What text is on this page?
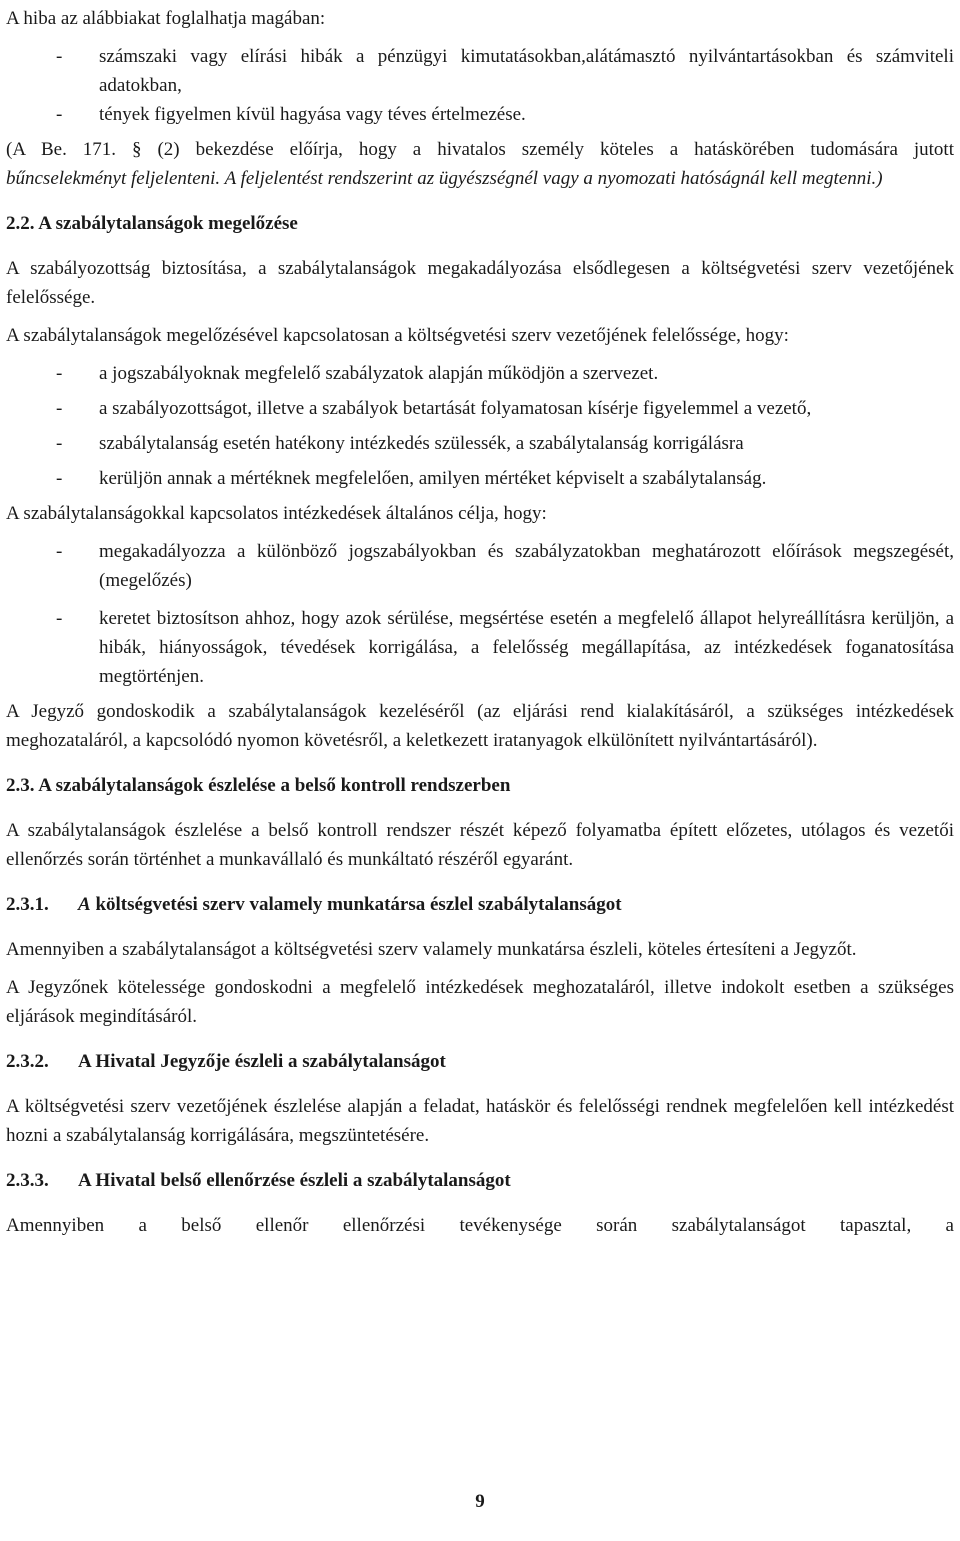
A hiba az alábbiakat foglalhatja magában:

- számszaki vagy elírási hibák a pénzügyi kimutatásokban,alátámasztó nyilvántartásokban és számviteli adatokban,
- tények figyelmen kívül hagyása vagy téves értelmezése.

(A Be. 171. § (2) bekezdése előírja, hogy a hivatalos személy köteles a hatáskörében tudomására jutott

bűncselekményt feljelenteni. A feljelentést rendszerint az ügyészségnél vagy a nyomozati hatóságnál kell megtenni.)

2.2. A szabálytalanságok megelőzése

A szabályozottság biztosítása, a szabálytalanságok megakadályozása elsődlegesen a költségvetési szerv vezetőjének felelőssége.

A szabálytalanságok megelőzésével kapcsolatosan a költségvetési szerv vezetőjének felelőssége, hogy:

- a jogszabályoknak megfelelő szabályzatok alapján működjön a szervezet.
- a szabályozottságot, illetve a szabályok betartását folyamatosan kísérje figyelemmel a vezető,
- szabálytalanság esetén hatékony intézkedés szülessék, a szabálytalanság korrigálásra
- kerüljön annak a mértéknek megfelelően, amilyen mértéket képviselt a szabálytalanság.

A szabálytalanságokkal kapcsolatos intézkedések általános célja, hogy:

- megakadályozza a különböző jogszabályokban és szabályzatokban meghatározott előírások megszegését, (megelőzés)
- keretet biztosítson ahhoz, hogy azok sérülése, megsértése esetén a megfelelő állapot helyreállításra kerüljön, a hibák, hiányosságok, tévedések korrigálása, a felelősség megállapítása, az intézkedések foganatosítása megtörténjen.

A Jegyző gondoskodik a szabálytalanságok kezeléséről (az eljárási rend kialakításáról, a szükséges intézkedések meghozataláról, a kapcsolódó nyomon követésről, a keletkezett iratanyagok elkülönített nyilvántartásáról).

2.3. A szabálytalanságok észlelése a belső kontroll rendszerben

A szabálytalanságok észlelése a belső kontroll rendszer részét képező folyamatba épített előzetes, utólagos és vezetői ellenőrzés során történhet a munkavállaló és munkáltató részéről egyaránt.

2.3.1. A költségvetési szerv valamely munkatársa észlel szabálytalanságot

Amennyiben a szabálytalanságot a költségvetési szerv valamely munkatársa észleli, köteles értesíteni a Jegyzőt.

A Jegyzőnek kötelessége gondoskodni a megfelelő intézkedések meghozataláról, illetve indokolt esetben a szükséges eljárások megindításáról.

2.3.2. A Hivatal Jegyzője észleli a szabálytalanságot

A költségvetési szerv vezetőjének észlelése alapján a feladat, hatáskör és felelősségi rendnek megfelelően kell intézkedést hozni a szabálytalanság korrigálására, megszüntetésére.

2.3.3. A Hivatal belső ellenőrzése észleli a szabálytalanságot

Amennyiben a belső ellenőr ellenőrzési tevékenysége során szabálytalanságot tapasztal, a

9
